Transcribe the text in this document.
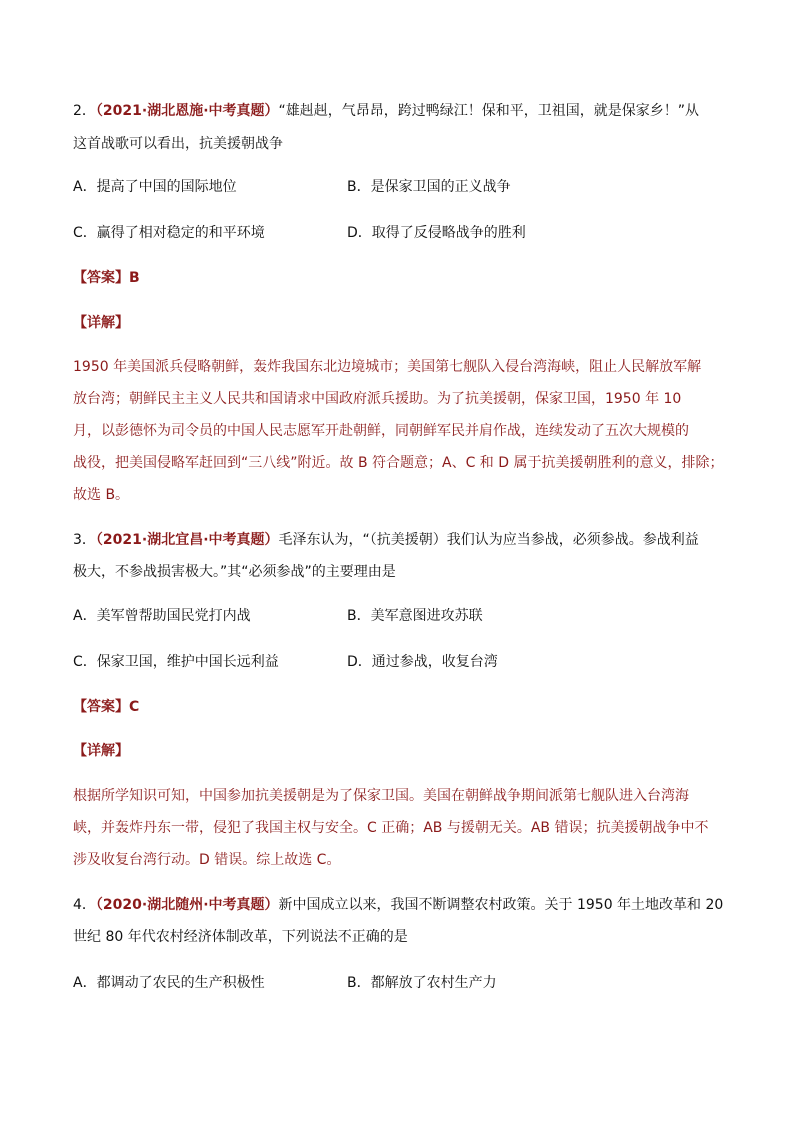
2．（2021·湖北恩施·中考真题）“雄赳赳，气昂昂，跨过鸭绿江！保和平，卫祖国，就是保家乡！”从
这首战歌可以看出，抗美援朝战争
A．提高了中国的国际地位	B．是保家卫国的正义战争
C．赢得了相对稳定的和平环境	D．取得了反侵略战争的胜利
【答案】B
【详解】
1950 年美国派兵侵略朝鲜，轰炸我国东北边境城市；美国第七舰队入侵台湾海峡，阻止人民解放军解
放台湾；朝鲜民主主义人民共和国请求中国政府派兵援助。为了抗美援朝，保家卫国，1950 年 10
月，以彭德怀为司令员的中国人民志愿军开赴朝鲜，同朝鲜军民并肩作战，连续发动了五次大规模的
战役，把美国侵略军赶回到“三八线”附近。故 B 符合题意；A、C 和 D 属于抗美援朝胜利的意义，排除；
故选 B。
3．（2021·湖北宜昌·中考真题）毛泽东认为，“（抗美援朝）我们认为应当参战，必须参战。参战利益
极大，不参战损害极大。”其“必须参战”的主要理由是
A．美军曾帮助国民党打内战	B．美军意图进攻苏联
C．保家卫国，维护中国长远利益	D．通过参战，收复台湾
【答案】C
【详解】
根据所学知识可知，中国参加抗美援朝是为了保家卫国。美国在朝鲜战争期间派第七舰队进入台湾海
峡，并轰炸丹东一带，侵犯了我国主权与安全。C 正确；AB 与援朝无关。AB 错误；抗美援朝战争中不
涉及收复台湾行动。D 错误。综上故选 C。
4．（2020·湖北随州·中考真题）新中国成立以来，我国不断调整农村政策。关于 1950 年土地改革和 20
世纪 80 年代农村经济体制改革，下列说法不正确的是
A．都调动了农民的生产积极性	B．都解放了农村生产力
